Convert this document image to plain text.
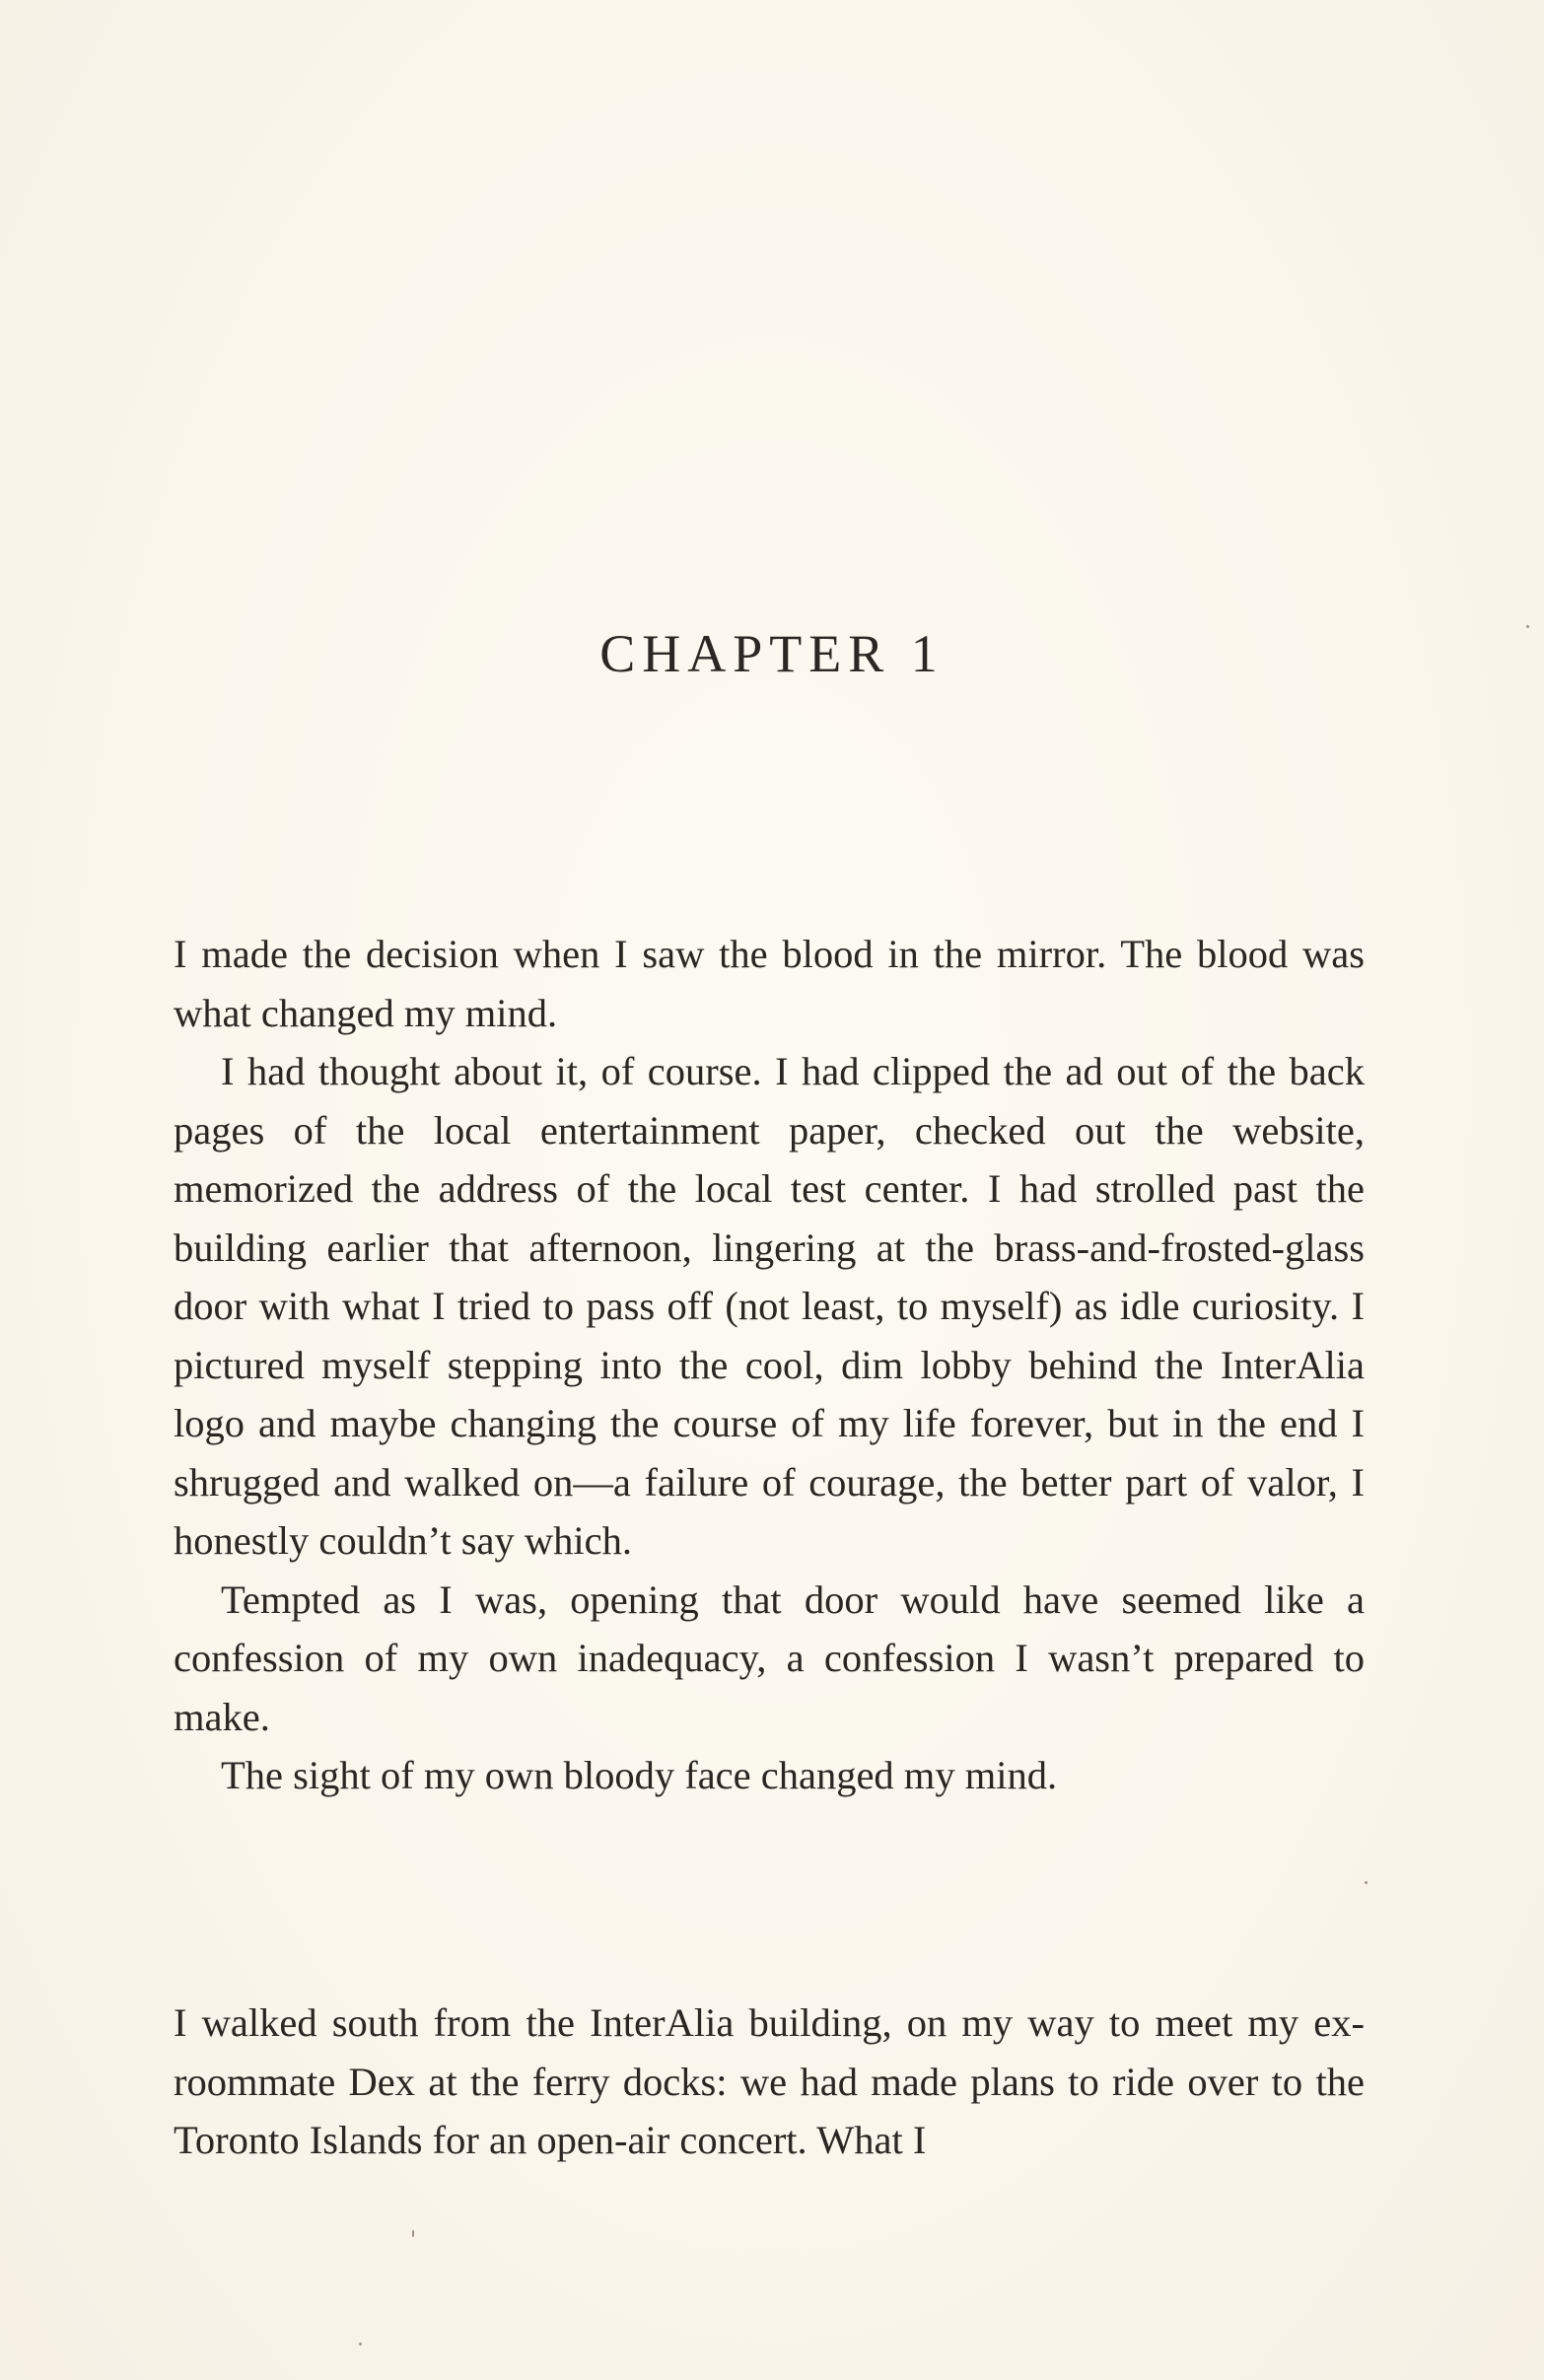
CHAPTER 1

I made the decision when I saw the blood in the mirror. The blood was what changed my mind.

I had thought about it, of course. I had clipped the ad out of the back pages of the local entertainment paper, checked out the website, memorized the address of the local test center. I had strolled past the building earlier that afternoon, lingering at the brass-and-frosted-glass door with what I tried to pass off (not least, to myself) as idle curiosity. I pictured myself stepping into the cool, dim lobby behind the InterAlia logo and maybe changing the course of my life forever, but in the end I shrugged and walked on—a failure of courage, the better part of valor, I honestly couldn’t say which.

Tempted as I was, opening that door would have seemed like a confession of my own inadequacy, a confession I wasn’t prepared to make.

The sight of my own bloody face changed my mind.

I walked south from the InterAlia building, on my way to meet my ex-roommate Dex at the ferry docks: we had made plans to ride over to the Toronto Islands for an open-air concert. What I
